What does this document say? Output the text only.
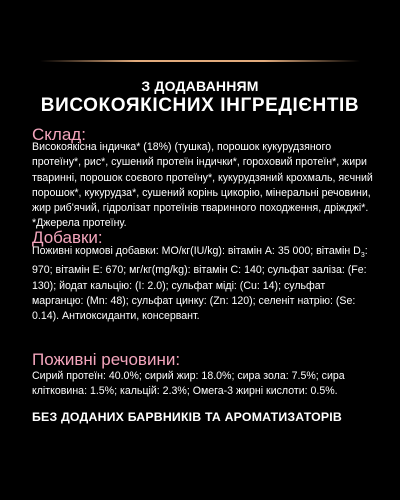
З ДОДАВАННЯМ
ВИСОКОЯКІСНИХ ІНГРЕДІЄНТІВ
Склад:

Високоякісна індичка* (18%) (тушка), порошок кукурудзяного протеїну*, рис*, сушений протеїн індички*, гороховий протеїн*, жири тваринні, порошок соєвого протеїну*, кукурудзяний крохмаль, яєчний порошок*, кукурудза*, сушений корінь цикорію, мінеральні речовини, жир риб'ячий, гідролізат протеїнів тваринного походження, дріжджі*.

*Джерела протеїну.

Добавки:

Поживні кормові добавки: МО/кг(IU/kg): вітамін А: 35 000; вітамін $D_3$: 970; вітамін Е: 670; мг/кг(mg/kg): вітамін С: 140; сульфат заліза: (Fe: 130); йодат кальцію: (I: 2.0); сульфат міді: (Cu: 14); сульфат марганцю: (Mn: 48); сульфат цинку: (Zn: 120); селеніт натрію: (Se: 0.14). Антиоксиданти, консервант.

Поживні речовини:

Сирий протеїн: 40.0%; сирий жир: 18.0%; сира зола: 7.5%; сира клітковина: 1.5%; кальцій: 2.3%; Омега-3 жирні кислоти: 0.5%.

БЕЗ ДОДАНИХ БАРВНИКІВ ТА АРОМАТИЗАТОРІВ
